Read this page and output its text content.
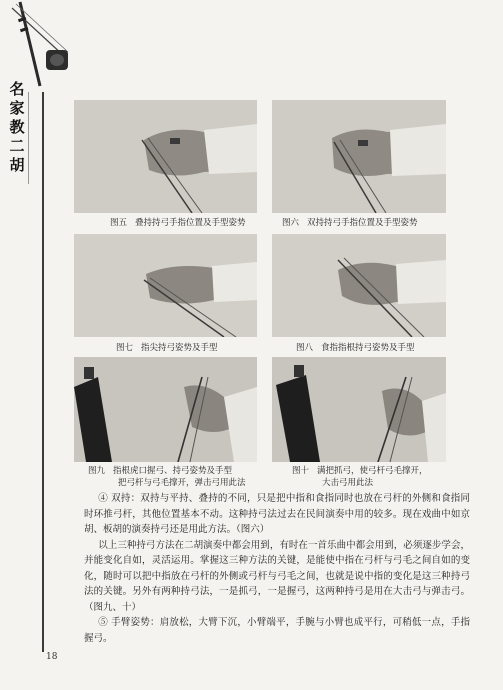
名
家
教
二
胡
图五 叠持持弓手指位置及手型姿势	图六 双持持弓手指位置及手型姿势
图七 指尖持弓姿势及手型	图八 食指指根持弓姿势及手型
图九 指根虎口握弓、持弓姿势及手型
把弓杆与弓毛撑开，弹击弓用此法
图十 满把抓弓，使弓杆弓毛撑开，
大击弓用此法

④ 双持：双持与平持、叠持的不同，只是把中指和食指同时也放在弓杆的外侧和食指同时环推弓杆，其他位置基本不动。这种持弓法过去在民间演奏中用的较多。现在戏曲中如京胡、板胡的演奏持弓还是用此方法。（图六）

以上三种持弓方法在二胡演奏中都会用到，有时在一首乐曲中都会用到，必须逐步学会，并能变化自如，灵活运用。掌握这三种方法的关键，是能使中指在弓杆与弓毛之间自如的变化，随时可以把中指放在弓杆的外侧或弓杆与弓毛之间，也就是说中指的变化是这三种持弓法的关键。另外有两种持弓法，一是抓弓，一是握弓，这两种持弓是用在大击弓与弹击弓。（图九、十）

⑤ 手臂姿势：肩放松，大臂下沉，小臂端平，手腕与小臂也成平行，可稍低一点，手指握弓。

18
